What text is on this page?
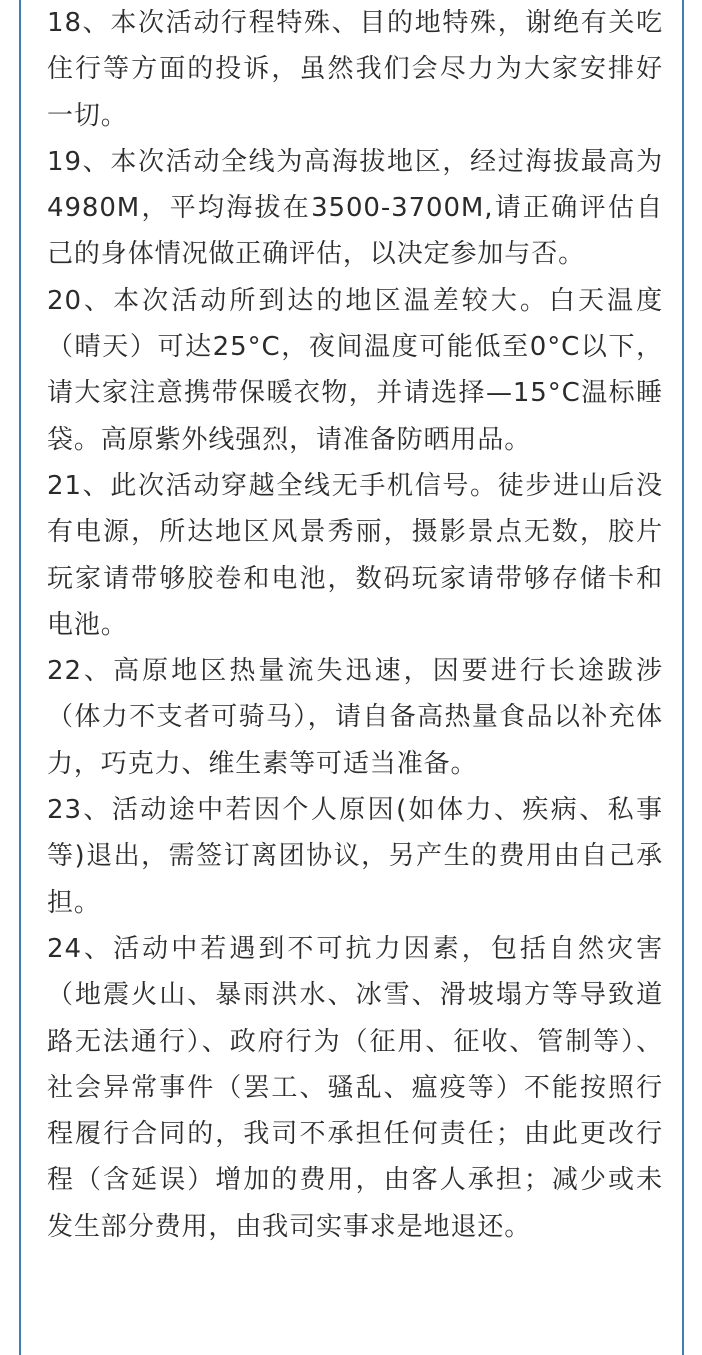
18、本次活动行程特殊、目的地特殊，谢绝有关吃住行等方面的投诉，虽然我们会尽力为大家安排好一切。

19、本次活动全线为高海拔地区，经过海拔最高为4980M，平均海拔在3500-3700M,请正确评估自己的身体情况做正确评估，以决定参加与否。

20、本次活动所到达的地区温差较大。白天温度（晴天）可达25°C，夜间温度可能低至0°C以下，请大家注意携带保暖衣物，并请选择—15°C温标睡袋。高原紫外线强烈，请准备防晒用品。

21、此次活动穿越全线无手机信号。徒步进山后没有电源，所达地区风景秀丽，摄影景点无数，胶片玩家请带够胶卷和电池，数码玩家请带够存储卡和电池。

22、高原地区热量流失迅速，因要进行长途跋涉（体力不支者可骑马），请自备高热量食品以补充体力，巧克力、维生素等可适当准备。

23、活动途中若因个人原因(如体力、疾病、私事等)退出，需签订离团协议，另产生的费用由自己承担。

24、活动中若遇到不可抗力因素，包括自然灾害（地震火山、暴雨洪水、冰雪、滑坡塌方等导致道路无法通行）、政府行为（征用、征收、管制等）、社会异常事件（罢工、骚乱、瘟疫等）不能按照行程履行合同的，我司不承担任何责任；由此更改行程（含延误）增加的费用，由客人承担；减少或未发生部分费用，由我司实事求是地退还。
